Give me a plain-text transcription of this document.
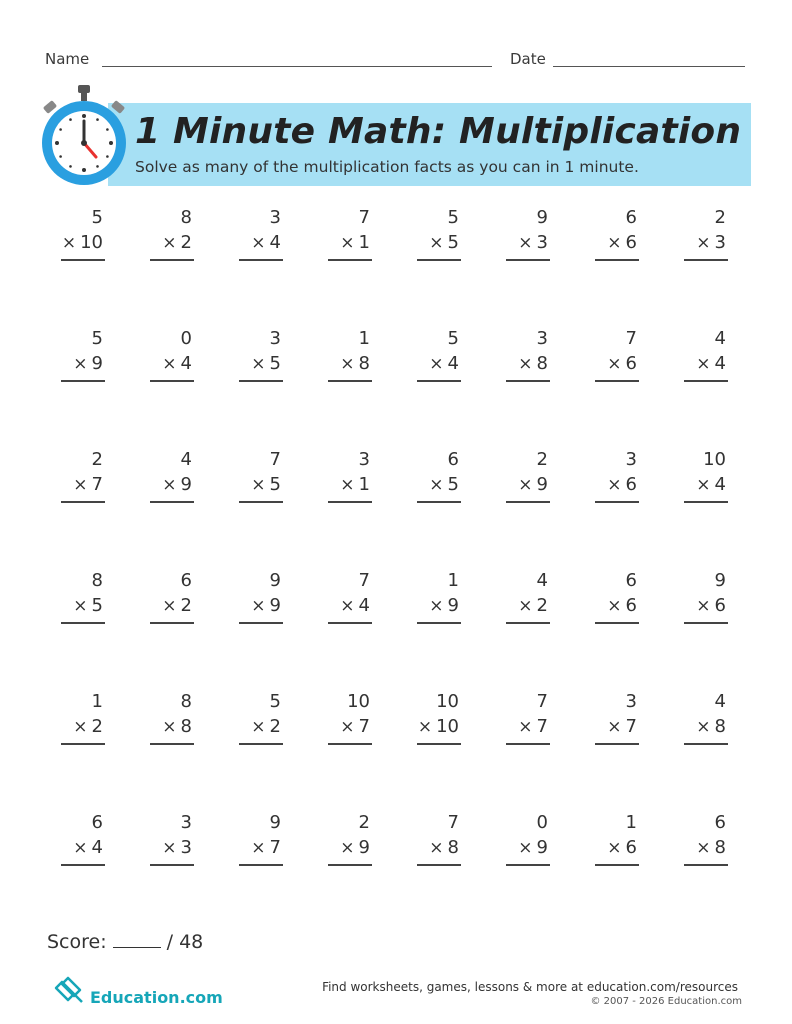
Name	Date
1 Minute Math: Multiplication
Solve as many of the multiplication facts as you can in 1 minute.
5
× 10
8
× 2
3
× 4
7
× 1
5
× 5
9
× 3
6
× 6
2
× 3
5
× 9
0
× 4
3
× 5
1
× 8
5
× 4
3
× 8
7
× 6
4
× 4
2
× 7
4
× 9
7
× 5
3
× 1
6
× 5
2
× 9
3
× 6
10
× 4
8
× 5
6
× 2
9
× 9
7
× 4
1
× 9
4
× 2
6
× 6
9
× 6
1
× 2
8
× 8
5
× 2
10
× 7
10
× 10
7
× 7
3
× 7
4
× 8
6
× 4
3
× 3
9
× 7
2
× 9
7
× 8
0
× 9
1
× 6
6
× 8
Score:	/ 48
Education.com
Find worksheets, games, lessons & more at education.com/resources
© 2007 - 2026 Education.com
